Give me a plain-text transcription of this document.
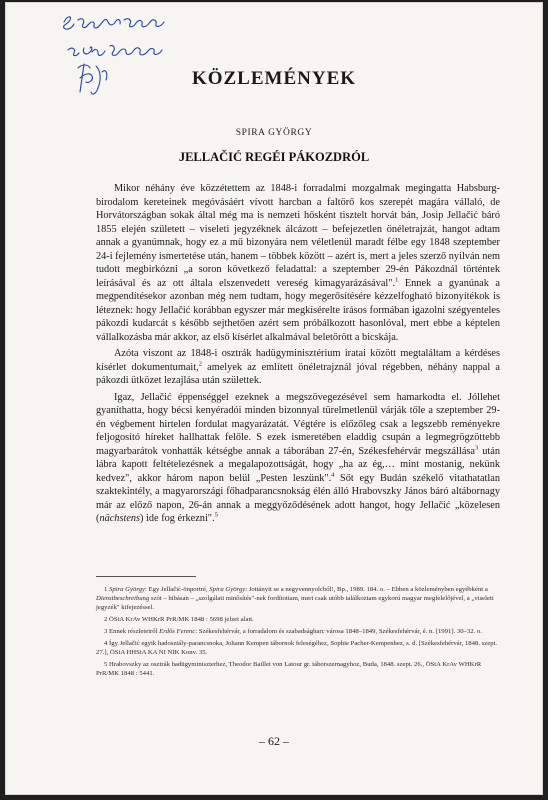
KÖZLEMÉNYEK
SPIRA GYÖRGY
JELLAČIĆ REGÉI PÁKOZDRÓL

Mikor néhány éve közzétettem az 1848-i forradalmi mozgalmak megingatta Habsburg-birodalom kereteinek megóvásáért vívott harcban a faltörő kos szerepét magára vállaló, de Horvátországban sokak által még ma is nemzeti hősként tisztelt horvát bán, Josip Jellačić báró 1855 elején született – viseleti jegyzéknek álcázott – befejezetlen önéletrajzát, hangot adtam annak a gyanúmnak, hogy ez a mű bizonyára nem véletlenül maradt félbe egy 1848 szeptember 24-i fejlemény ismertetése után, hanem – többek között – azért is, mert a jeles szerző nyilván nem tudott megbirkózni „a soron következő feladattal: a szeptember 29-én Pákozdnál történtek leírásával és az ott általa elszenvedett vereség kimagyarázásával".$^1$ Ennek a gyanúnak a megpendítésekor azonban még nem tudtam, hogy megerősítésére kézzelfogható bizonyítékok is léteznek: hogy Jellačić korábban egyszer már megkísérelte írásos formában igazolni szégyenteles pákozdi kudarcát s később sejthetően azért sem próbálkozott hasonlóval, mert ebbe a képtelen vállalkozásba már akkor, az első kísérlet alkalmával beletörött a bicskája.

Azóta viszont az 1848-i osztrák hadügyminisztérium iratai között megtaláltam a kérdéses kísérlet dokumentumait,$^2$ amelyek az említett önéletrajznál jóval régebben, néhány nappal a pákozdi ütközet lezajlása után születtek.

Igaz, Jellačić éppenséggel ezeknek a megszövegezésével sem hamarkodta el. Jóllehet gyaníthatta, hogy bécsi kenyéradói minden bizonnyal türelmetlenül várják tőle a szeptember 29-én végbement hirtelen fordulat magyarázatát. Végtére is előzőleg csak a legszebb reményekre feljogosító híreket hallhattak felőle. S ezek ismeretében eladdig csupán a legmegrögzöttebb magyarbarátok vonhatták kétségbe annak a táborában 27-én, Székesfehérvár megszállása$^3$ után lábra kapott feltételezésnek a megalapozottságát, hogy „ha az ég,… mint mostanig, nekünk kedvez", akkor három napon belül „Pesten leszünk".$^4$ Sőt egy Budán székelő vitathatatlan szaktekintély, a magyarországi főhadparancsnokság élén álló Hrabovszky János báró altábornagy már az előző napon, 26-án annak a meggyőződésének adott hangot, hogy Jellačić „közelesen (nächstens) ide fog érkezni".$^5$

1 Spira György: Egy Jellačić-önportré, Spira György: Jottányit se a negyvennyolcból!, Bp., 1989. 184. o. – Ebben a közleményben egyébként a Dienstbeschreibung szót – hibásan – „szolgálati minősítés"-nek fordítottam, mert csak utóbb találkoztam egykorú magyar megfelelőjével, a „viseleti jegyzék" kifejezéssel.

2 ÖStA KrAv WHKrR PrR/MK 1848 : 5698 jelzet alatt.

3 Ennek részleteiről Erdős Ferenc: Székesfehérvár, a forradalom és szabadságharc városa 1848–1849, Székesfehérvár, é. n. [1991]. 30–32. o.

4 Így Jellačić egyik hadosztály-parancsnoka, Johann Kempen tábornok feleségéhez, Sophie Pacher-Kempenhez, s. d. [Székesfehérvár, 1848. szept. 27.], ÖStA HHStA KA NI NIK Konv. 35.

5 Hrabovszky az osztrák hadügyminiszterhez, Theodor Baillet von Latour gr. táborszernagyhoz, Buda, 1848. szept. 26., ÖStA KrAv WHKrR PrR/MK 1848 : 5441.

– 62 –
